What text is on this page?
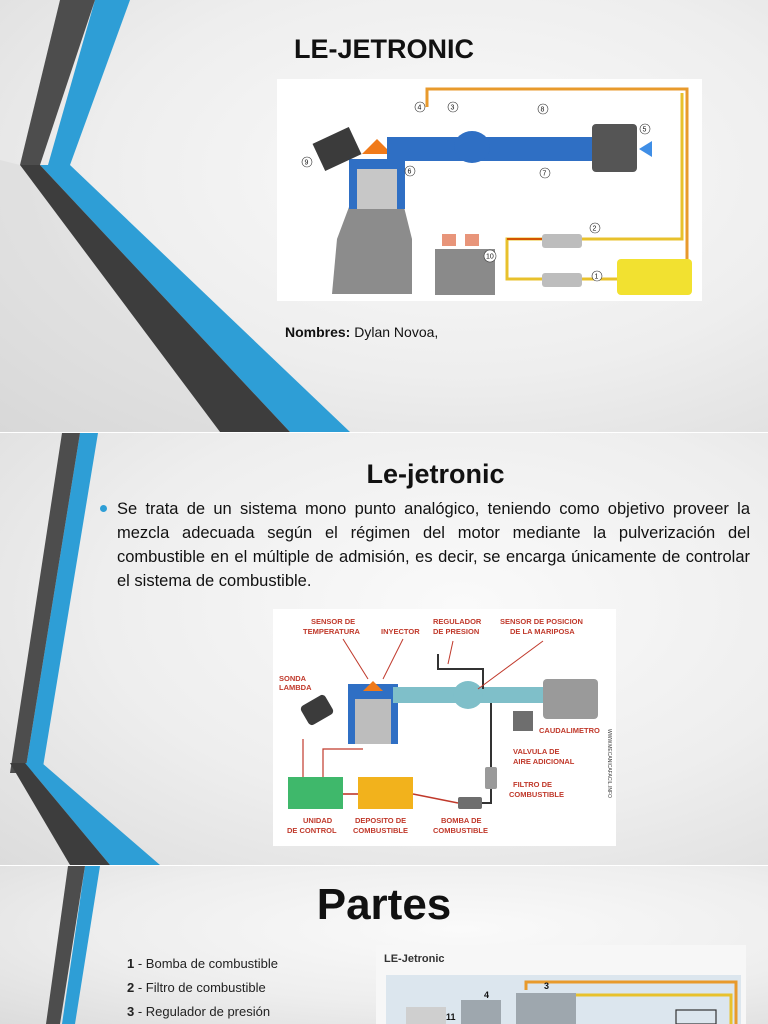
LE-JETRONIC
1
2
3
4
5
6	7
8
9
10
Nombres: Dylan Novoa,
Le-jetronic

Se trata de un sistema mono punto analógico, teniendo como objetivo proveer la mezcla adecuada según el régimen del motor mediante la pulverización del combustible en el múltiple de admisión, es decir, se encarga únicamente de controlar el sistema de combustible.

SENSOR DE
TEMPERATURA	INYECTOR
REGULADOR
DE PRESION
SENSOR DE POSICION
DE LA MARIPOSA
SONDA
LAMBDA
CAUDALIMETRO
VALVULA DE
AIRE ADICIONAL
FILTRO DE
COMBUSTIBLE
UNIDAD
DE CONTROL
DEPOSITO DE
COMBUSTIBLE
BOMBA DE
COMBUSTIBLE
WWW.MECANICAFACIL.INFO
Partes
1 - Bomba de combustible
2 - Filtro de combustible
3 - Regulador de presión
LE-Jetronic
3
4
11
